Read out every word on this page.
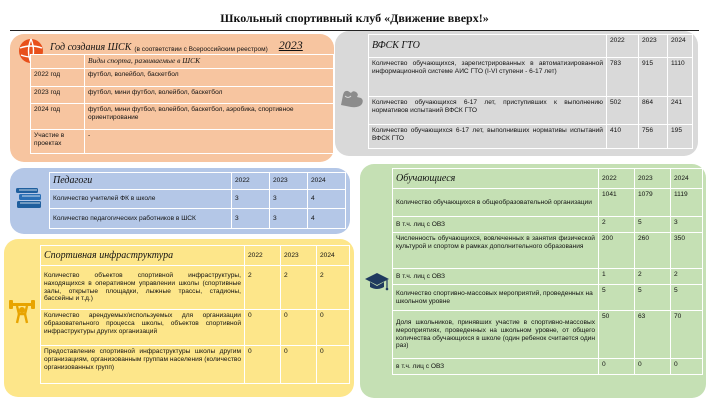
Школьный спортивный клуб «Движение вверх!»
Год создания ШСК (в соответствии с Всероссийским реестром) 2023
	Виды спорта, развиваемые в ШСК
2022 год	футбол, волейбол, баскетбол
2023 год	футбол, мини футбол, волейбол, баскетбол
2024 год	футбол, мини футбол, волейбол, баскетбол, аэробика, спортивное ориентирование
Участие в проектах	-
ВФСК ГТО	2022	2023	2024
Количество обучающихся, зарегистрированных в автоматизированной информационной системе АИС ГТО (I-VI ступени - 6-17 лет)	783	915	1110
Количество обучающихся 6-17 лет, приступивших к выполнению нормативов испытаний ВФСК ГТО	502	864	241
Количество обучающихся 6-17 лет, выполнивших нормативы испытаний ВФСК ГТО	410	756	195
Педагоги	2022	2023	2024
Количество учителей ФК в школе	3	3	4
Количество педагогических работников в ШСК	3	3	4
Спортивная инфраструктура	2022	2023	2024
Количество объектов спортивной инфраструктуры, находящихся в оперативном управлении школы (спортивные залы, открытые площадки, лыжные трассы, стадионы, бассейны и т.д.)	2	2	2
Количество арендуемых/используемых для организации образовательного процесса школы, объектов спортивной инфраструктуры других организаций	0	0	0
Предоставление спортивной инфраструктуры школы другим организациям, организованным группам населения (количество организованных групп)	0	0	0
Обучающиеся	2022	2023	2024
Количество обучающихся в общеобразовательной организации	1041	1079	1119
В т.ч. лиц с ОВЗ	2	5	3
Численность обучающихся, вовлеченных в занятия физической культурой и спортом в рамках дополнительного образования	200	260	350
В т.ч. лиц с ОВЗ	1	2	2
Количество спортивно-массовых мероприятий, проведенных на школьном уровне	5	5	5
Доля школьников, принявших участие в спортивно-массовых мероприятиях, проведенных на школьном уровне, от общего количества обучающихся в школе (один ребенок считается один раз)	50	63	70
в т.ч. лиц с ОВЗ	0	0	0
